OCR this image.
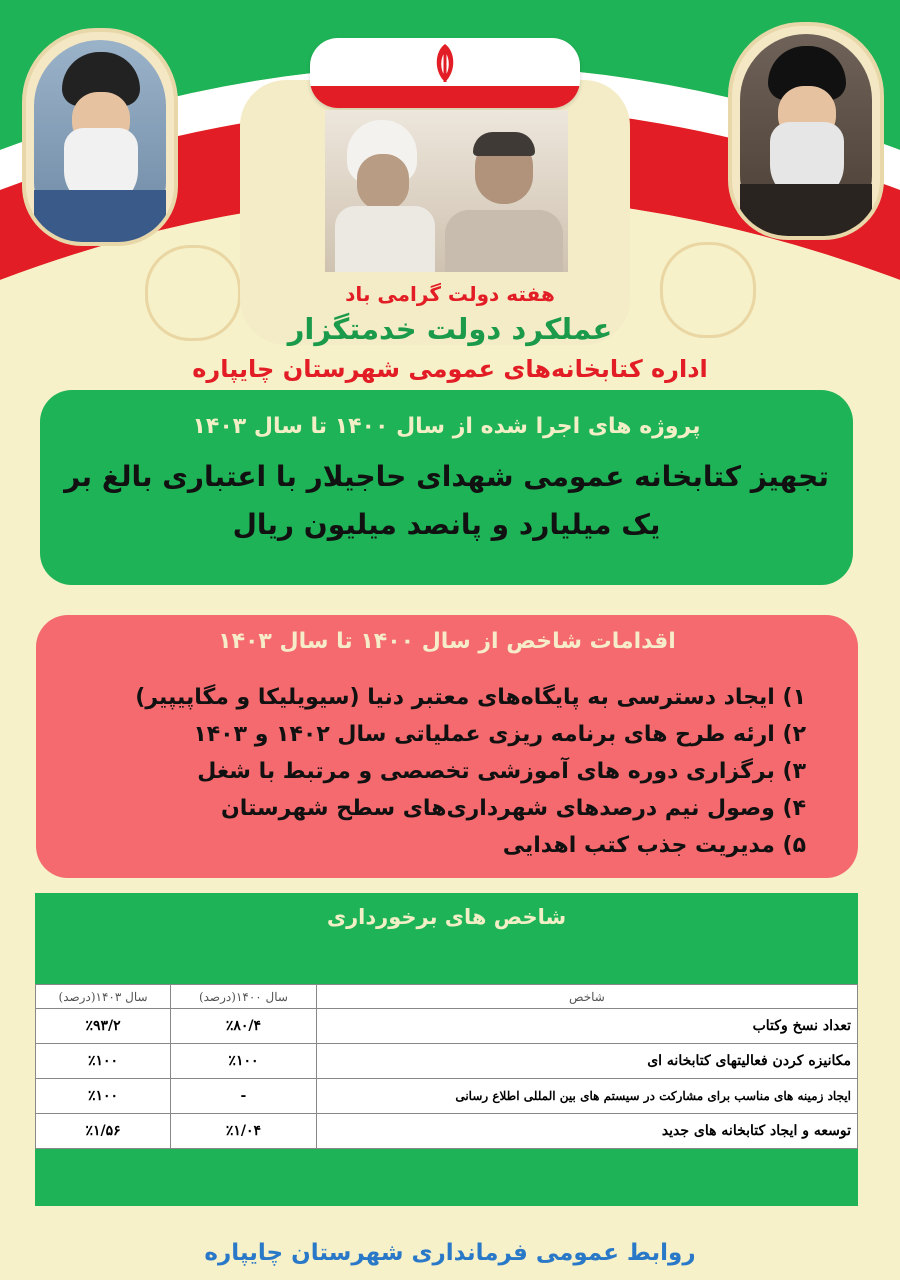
هفته دولت گرامی باد
عملکرد دولت خدمتگزار
اداره کتابخانه‌های عمومی شهرستان چایپاره
پروژه های اجرا شده از سال ۱۴۰۰ تا سال ۱۴۰۳
تجهیز کتابخانه عمومی شهدای حاجیلار با اعتباری بالغ بر
یک میلیارد و پانصد میلیون ریال
اقدامات شاخص از سال ۱۴۰۰ تا سال ۱۴۰۳
۱) ایجاد دسترسی به پایگاه‌های معتبر دنیا (سیویلیکا و مگاپیپیر)
۲) ارئه طرح های برنامه ریزی عملیاتی سال ۱۴۰۲ و ۱۴۰۳
۳) برگزاری دوره های آموزشی تخصصی و مرتبط با شغل
۴) وصول نیم درصدهای شهرداری‌های سطح شهرستان
۵) مدیریت جذب کتب اهدایی
شاخص های برخورداری
شاخص	سال ۱۴۰۰(درصد)	سال ۱۴۰۳(درصد)
تعداد نسخ وکتاب	٪۸۰/۴	٪۹۳/۲
مکانیزه کردن فعالیتهای کتابخانه ای	٪۱۰۰	٪۱۰۰
ایجاد زمینه های مناسب برای مشارکت در سیستم های بین المللی اطلاع رسانی	-	٪۱۰۰
توسعه و ایجاد کتابخانه های جدید	٪۱/۰۴	٪۱/۵۶
روابط عمومی فرمانداری شهرستان چایپاره
